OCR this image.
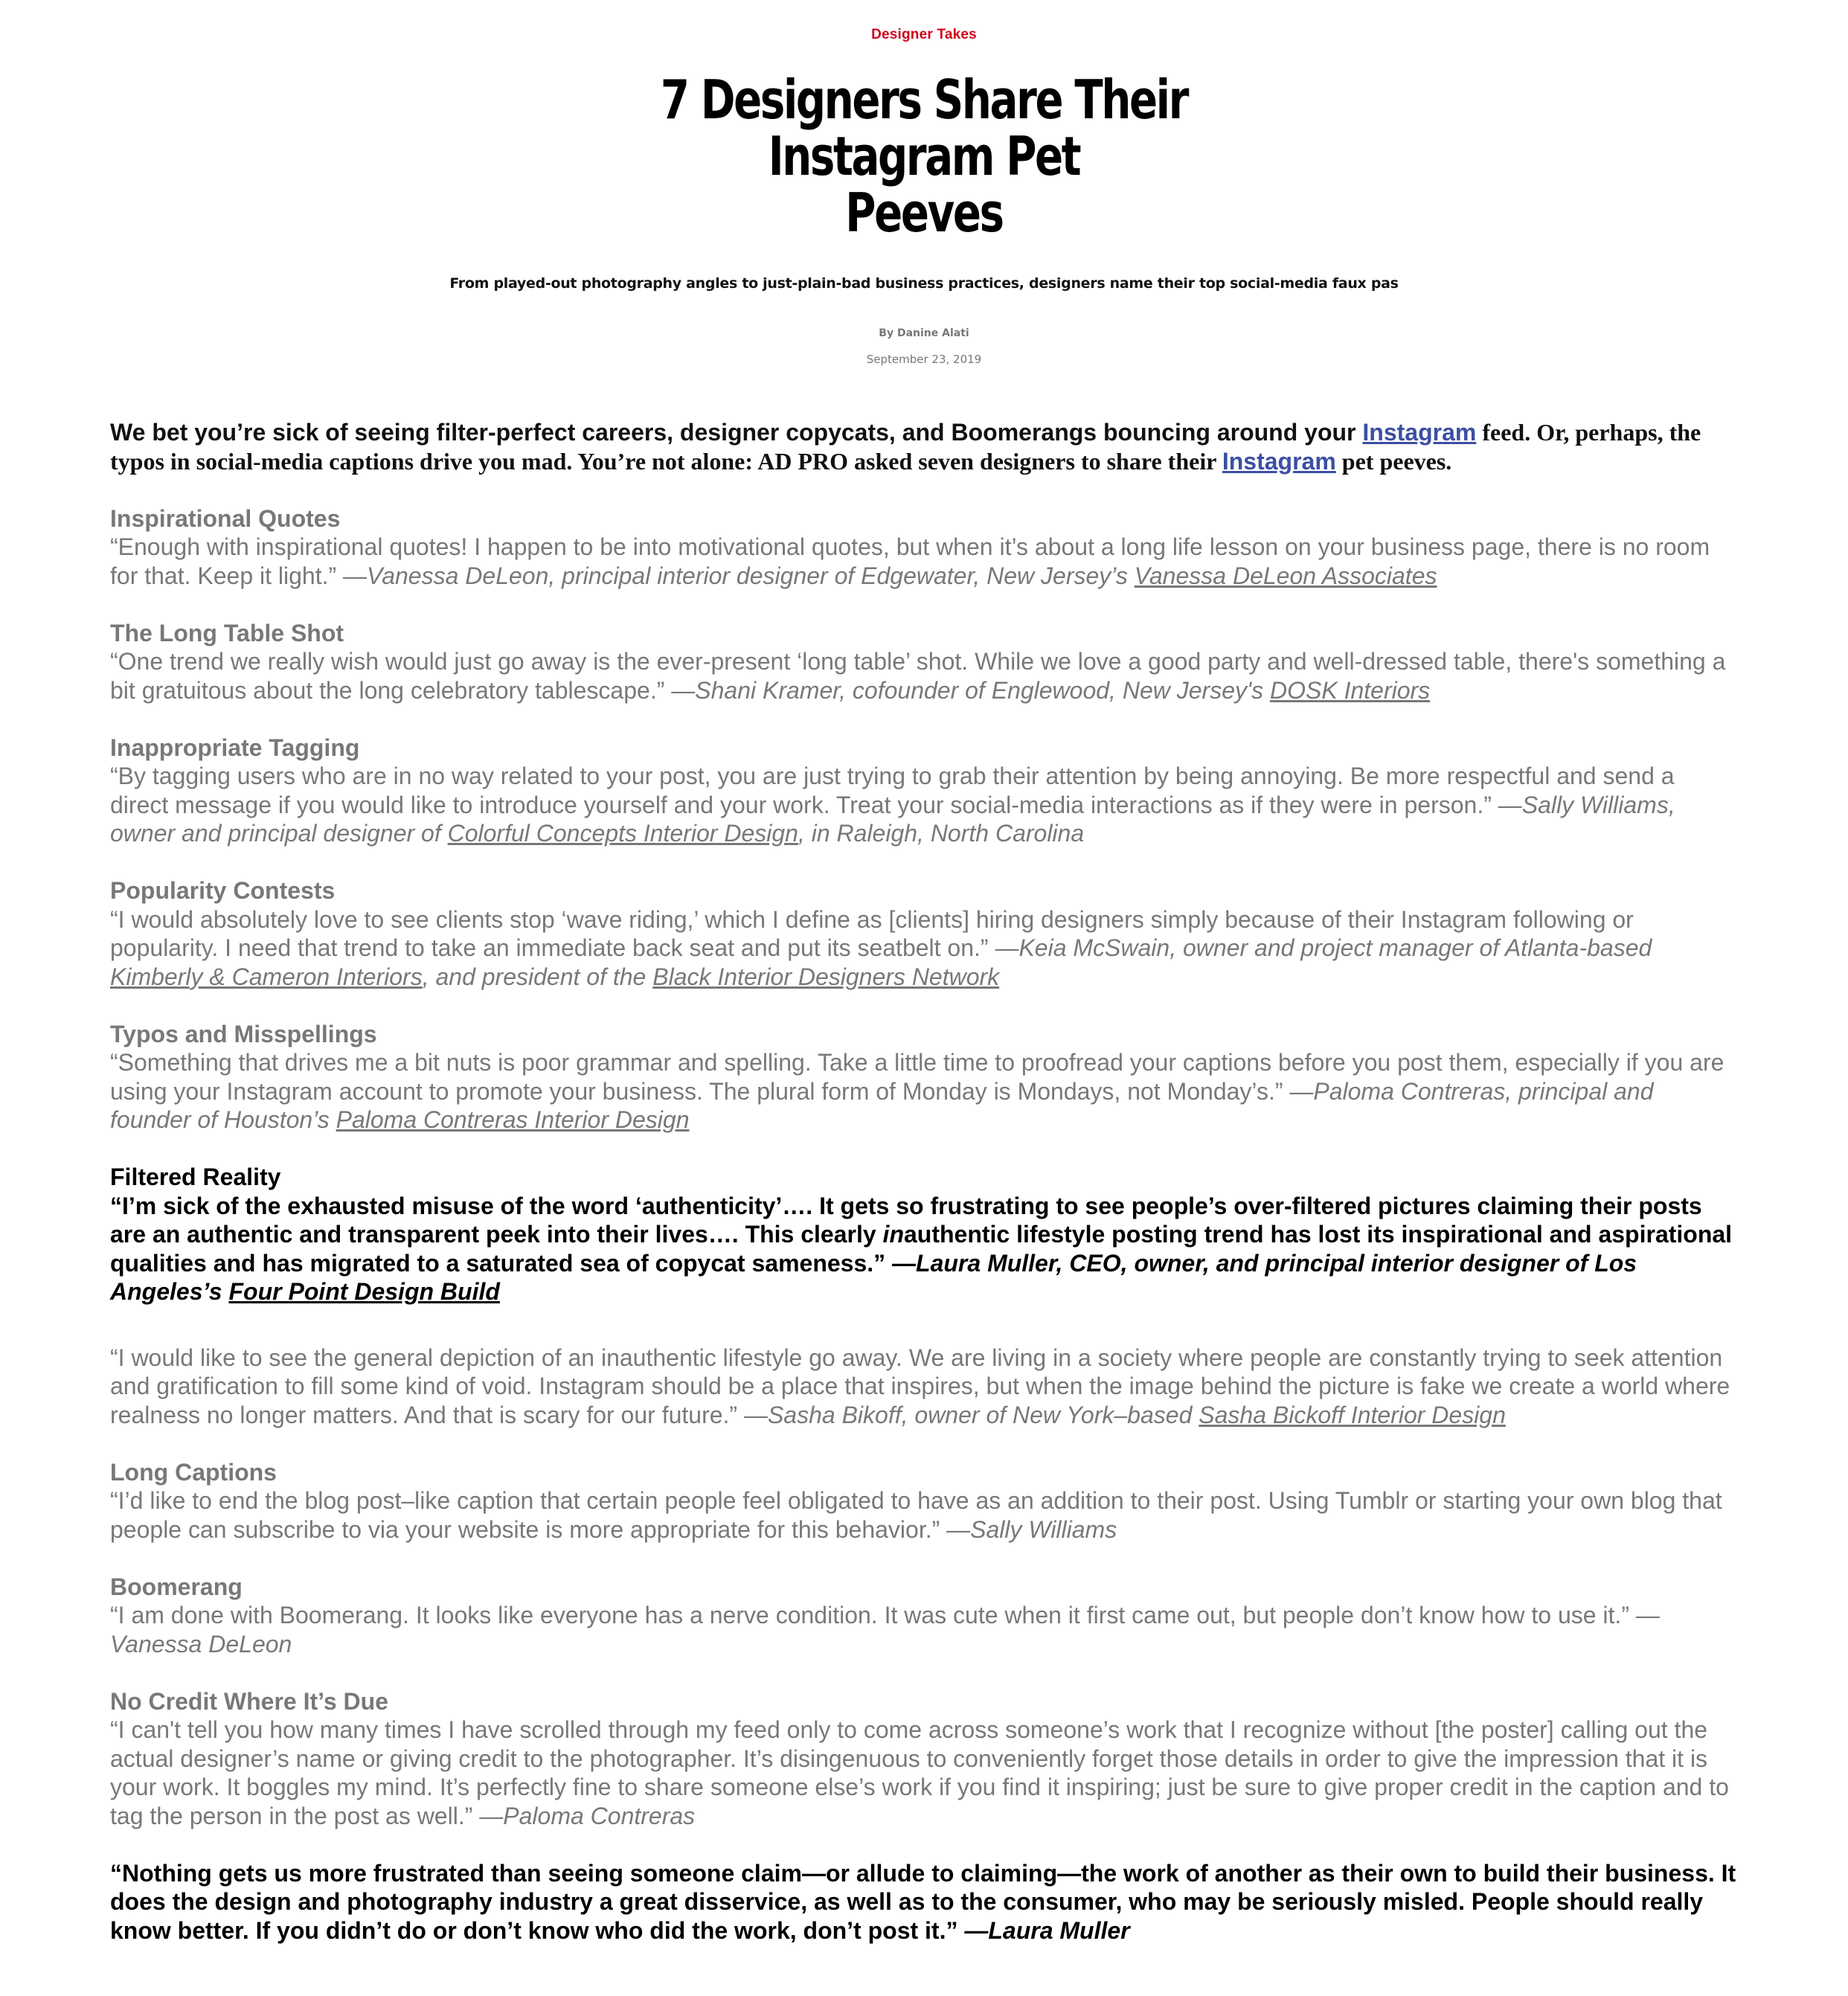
Designer Takes
7 Designers Share Their Instagram Pet
Peeves
From played-out photography angles to just-plain-bad business practices, designers name their top social-media faux pas
By Danine Alati
September 23, 2019

We bet you’re sick of seeing filter-perfect careers, designer copycats, and Boomerangs bouncing around your Instagram feed. Or, perhaps, the typos in social-media captions drive you mad. You’re not alone: AD PRO asked seven designers to share their Instagram pet peeves.

Inspirational Quotes

“Enough with inspirational quotes! I happen to be into motivational quotes, but when it’s about a long life lesson on your business page, there is no room for that. Keep it light.” —Vanessa DeLeon, principal interior designer of Edgewater, New Jersey’s Vanessa DeLeon Associates

The Long Table Shot

“One trend we really wish would just go away is the ever-present ‘long table’ shot. While we love a good party and well-dressed table, there's something a bit gratuitous about the long celebratory tablescape.” —Shani Kramer, cofounder of Englewood, New Jersey's DOSK Interiors

Inappropriate Tagging

“By tagging users who are in no way related to your post, you are just trying to grab their attention by being annoying. Be more respectful and send a direct message if you would like to introduce yourself and your work. Treat your social-media interactions as if they were in person.” —Sally Williams, owner and principal designer of Colorful Concepts Interior Design, in Raleigh, North Carolina

Popularity Contests

“I would absolutely love to see clients stop ‘wave riding,’ which I define as [clients] hiring designers simply because of their Instagram following or popularity. I need that trend to take an immediate back seat and put its seatbelt on.” —Keia McSwain, owner and project manager of Atlanta-based Kimberly & Cameron Interiors, and president of the Black Interior Designers Network

Typos and Misspellings

“Something that drives me a bit nuts is poor grammar and spelling. Take a little time to proofread your captions before you post them, especially if you are using your Instagram account to promote your business. The plural form of Monday is Mondays, not Monday’s.” —Paloma Contreras, principal and founder of Houston’s Paloma Contreras Interior Design

Filtered Reality

“I’m sick of the exhausted misuse of the word ‘authenticity’…. It gets so frustrating to see people’s over-filtered pictures claiming their posts are an authentic and transparent peek into their lives…. This clearly inauthentic lifestyle posting trend has lost its inspirational and aspirational qualities and has migrated to a saturated sea of copycat sameness.” —Laura Muller, CEO, owner, and principal interior designer of Los Angeles’s Four Point Design Build

“I would like to see the general depiction of an inauthentic lifestyle go away. We are living in a society where people are constantly trying to seek attention and gratification to fill some kind of void. Instagram should be a place that inspires, but when the image behind the picture is fake we create a world where realness no longer matters. And that is scary for our future.” —Sasha Bikoff, owner of New York–based Sasha Bickoff Interior Design

Long Captions

“I’d like to end the blog post–like caption that certain people feel obligated to have as an addition to their post. Using Tumblr or starting your own blog that people can subscribe to via your website is more appropriate for this behavior.” —Sally Williams

Boomerang

“I am done with Boomerang. It looks like everyone has a nerve condition. It was cute when it first came out, but people don’t know how to use it.” —Vanessa DeLeon

No Credit Where It’s Due

“I can't tell you how many times I have scrolled through my feed only to come across someone’s work that I recognize without [the poster] calling out the actual designer’s name or giving credit to the photographer. It’s disingenuous to conveniently forget those details in order to give the impression that it is your work. It boggles my mind. It’s perfectly fine to share someone else’s work if you find it inspiring; just be sure to give proper credit in the caption and to tag the person in the post as well.” —Paloma Contreras

“Nothing gets us more frustrated than seeing someone claim—or allude to claiming—the work of another as their own to build their business. It does the design and photography industry a great disservice, as well as to the consumer, who may be seriously misled. People should really know better. If you didn’t do or don’t know who did the work, don’t post it.” —Laura Muller
